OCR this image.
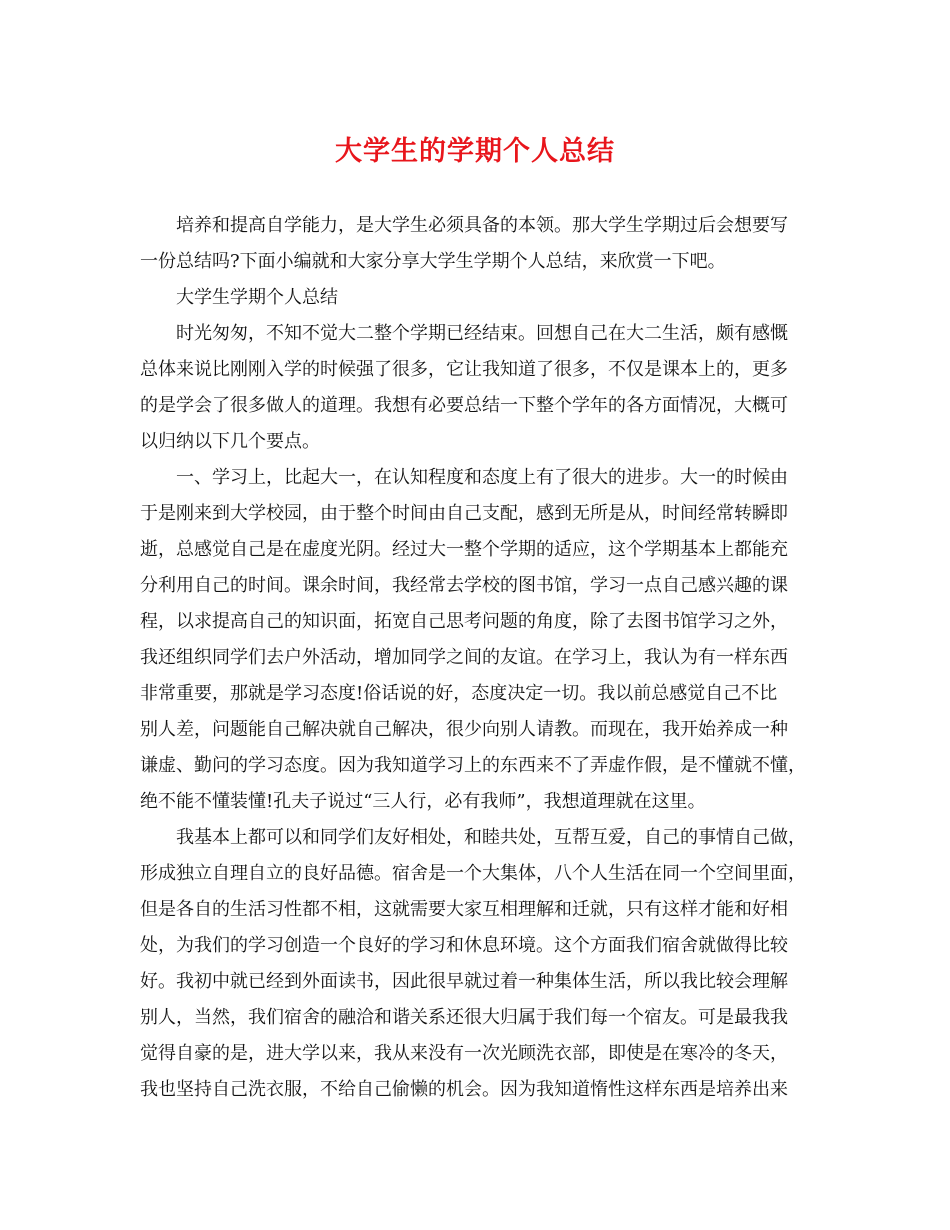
大学生的学期个人总结
培养和提高自学能力，是大学生必须具备的本领。那大学生学期过后会想要写
一份总结吗?下面小编就和大家分享大学生学期个人总结，来欣赏一下吧。
大学生学期个人总结
时光匆匆，不知不觉大二整个学期已经结束。回想自己在大二生活，颇有感慨
总体来说比刚刚入学的时候强了很多，它让我知道了很多，不仅是课本上的，更多
的是学会了很多做人的道理。我想有必要总结一下整个学年的各方面情况，大概可
以归纳以下几个要点。
一、学习上，比起大一，在认知程度和态度上有了很大的进步。大一的时候由
于是刚来到大学校园，由于整个时间由自己支配，感到无所是从，时间经常转瞬即
逝，总感觉自己是在虚度光阴。经过大一整个学期的适应，这个学期基本上都能充
分利用自己的时间。课余时间，我经常去学校的图书馆，学习一点自己感兴趣的课
程，以求提高自己的知识面，拓宽自己思考问题的角度，除了去图书馆学习之外，
我还组织同学们去户外活动，增加同学之间的友谊。在学习上，我认为有一样东西
非常重要，那就是学习态度!俗话说的好，态度决定一切。我以前总感觉自己不比
别人差，问题能自己解决就自己解决，很少向别人请教。而现在，我开始养成一种
谦虚、勤问的学习态度。因为我知道学习上的东西来不了弄虚作假，是不懂就不懂，
绝不能不懂装懂!孔夫子说过“三人行，必有我师”，我想道理就在这里。
我基本上都可以和同学们友好相处，和睦共处，互帮互爱，自己的事情自己做，
形成独立自理自立的良好品德。宿舍是一个大集体，八个人生活在同一个空间里面，
但是各自的生活习性都不相，这就需要大家互相理解和迁就，只有这样才能和好相
处，为我们的学习创造一个良好的学习和休息环境。这个方面我们宿舍就做得比较
好。我初中就已经到外面读书，因此很早就过着一种集体生活，所以我比较会理解
别人，当然，我们宿舍的融洽和谐关系还很大归属于我们每一个宿友。可是最我我
觉得自豪的是，进大学以来，我从来没有一次光顾洗衣部，即使是在寒冷的冬天，
我也坚持自己洗衣服，不给自己偷懒的机会。因为我知道惰性这样东西是培养出来
